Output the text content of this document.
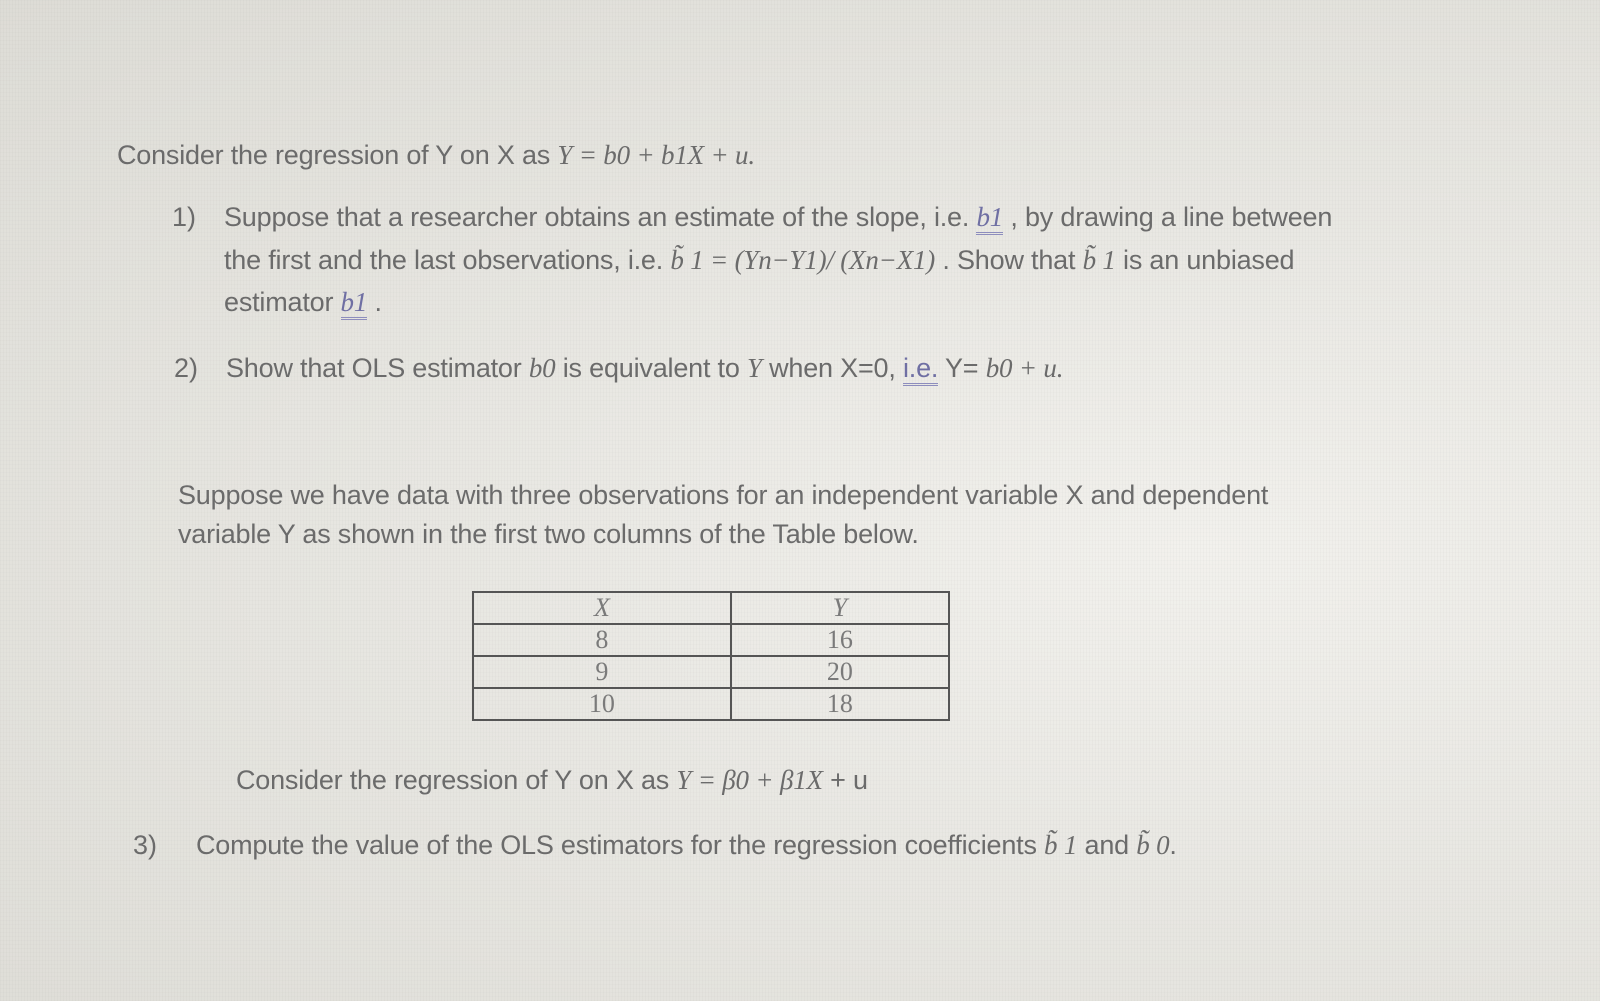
Consider the regression of Y on X as Y = b0 + b1X + u.
1) Suppose that a researcher obtains an estimate of the slope, i.e. b1 , by drawing a line between
the first and the last observations, i.e. b̃ 1 = (Yn−Y1)/ (Xn−X1) . Show that b̃ 1 is an unbiased
estimator b1 .
2) Show that OLS estimator b0 is equivalent to Y when X=0, i.e. Y= b0 + u.
Suppose we have data with three observations for an independent variable X and dependent
variable Y as shown in the first two columns of the Table below.
X	Y
8	16
9	20
10	18
Consider the regression of Y on X as Y = β0 + β1X + u
3) Compute the value of the OLS estimators for the regression coefficients b̃ 1 and b̃ 0.
